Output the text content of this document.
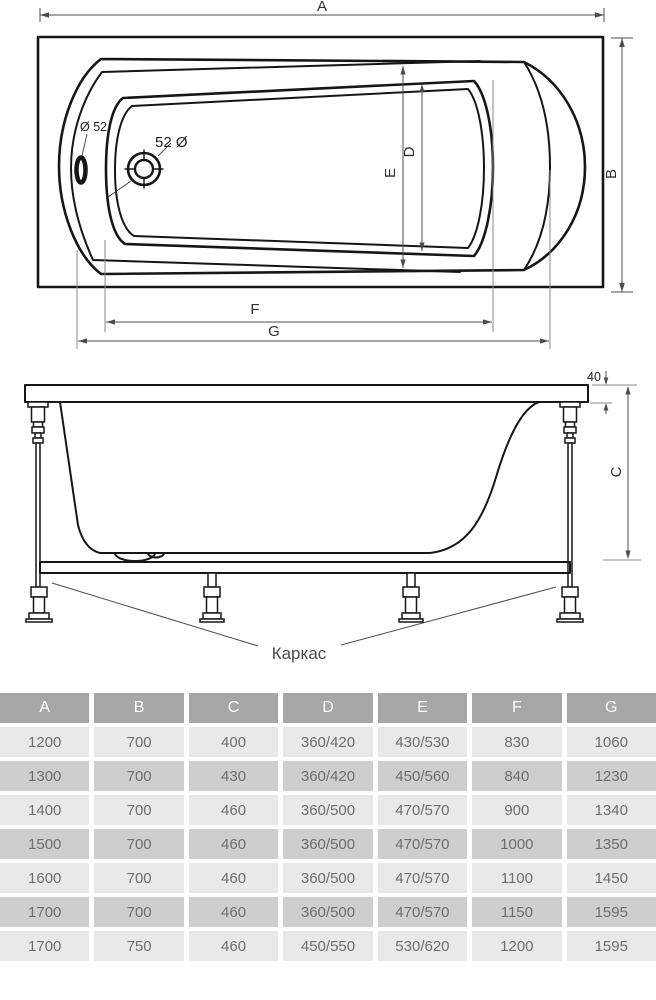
Ø 52
52 Ø
A
B
E
D
F
G
Каркас
40
C
A	B	C	D	E	F	G
1200	700	400	360/420	430/530	830	1060
1300	700	430	360/420	450/560	840	1230
1400	700	460	360/500	470/570	900	1340
1500	700	460	360/500	470/570	1000	1350
1600	700	460	360/500	470/570	1100	1450
1700	700	460	360/500	470/570	1150	1595
1700	750	460	450/550	530/620	1200	1595
